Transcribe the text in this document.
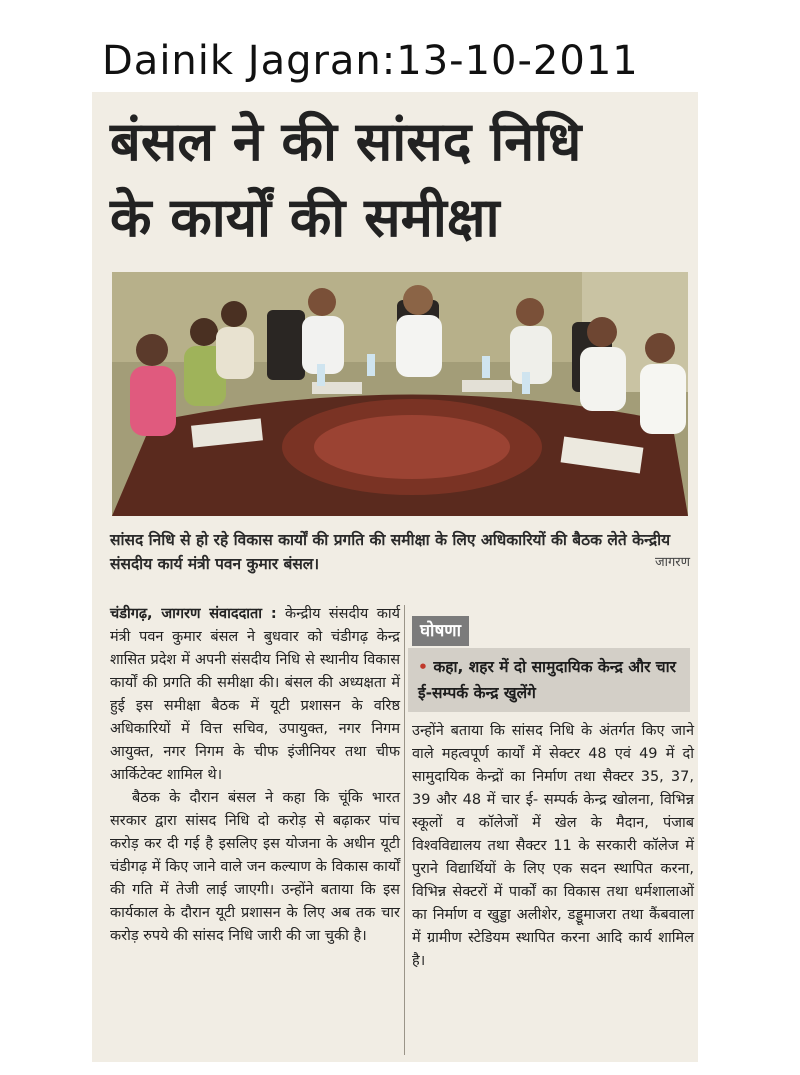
Dainik Jagran:13-10-2011
बंसल ने की सांसद निधि
के कार्यों की समीक्षा
सांसद निधि से हो रहे विकास कार्यों की प्रगति की समीक्षा के लिए अधिकारियों की बैठक लेते केन्द्रीय संसदीय कार्य मंत्री पवन कुमार बंसल।	जागरण

चंडीगढ़, जागरण संवाददाता : केन्द्रीय संसदीय कार्य मंत्री पवन कुमार बंसल ने बुधवार को चंडीगढ़ केन्द्र शासित प्रदेश में अपनी संसदीय निधि से स्थानीय विकास कार्यों की प्रगति की समीक्षा की। बंसल की अध्यक्षता में हुई इस समीक्षा बैठक में यूटी प्रशासन के वरिष्ठ अधिकारियों में वित्त सचिव, उपायुक्त, नगर निगम आयुक्त, नगर निगम के चीफ इंजीनियर तथा चीफ आर्किटेक्ट शामिल थे।

बैठक के दौरान बंसल ने कहा कि चूंकि भारत सरकार द्वारा सांसद निधि दो करोड़ से बढ़ाकर पांच करोड़ कर दी गई है इसलिए इस योजना के अधीन यूटी चंडीगढ़ में किए जाने वाले जन कल्याण के विकास कार्यों की गति में तेजी लाई जाएगी। उन्होंने बताया कि इस कार्यकाल के दौरान यूटी प्रशासन के लिए अब तक चार करोड़ रुपये की सांसद निधि जारी की जा चुकी है।

घोषणा
• कहा, शहर में दो सामुदायिक केन्द्र और चार ई-सम्पर्क केन्द्र खुलेंगे

उन्होंने बताया कि सांसद निधि के अंतर्गत किए जाने वाले महत्वपूर्ण कार्यों में सेक्टर 48 एवं 49 में दो सामुदायिक केन्द्रों का निर्माण तथा सैक्टर 35, 37, 39 और 48 में चार ई- सम्पर्क केन्द्र खोलना, विभिन्न स्कूलों व कॉलेजों में खेल के मैदान, पंजाब विश्वविद्यालय तथा सैक्टर 11 के सरकारी कॉलेज में पुराने विद्यार्थियों के लिए एक सदन स्थापित करना, विभिन्न सेक्टरों में पार्कों का विकास तथा धर्मशालाओं का निर्माण व खुड्डा अलीशेर, डड्डूमाजरा तथा कैंबवाला में ग्रामीण स्टेडियम स्थापित करना आदि कार्य शामिल है।
